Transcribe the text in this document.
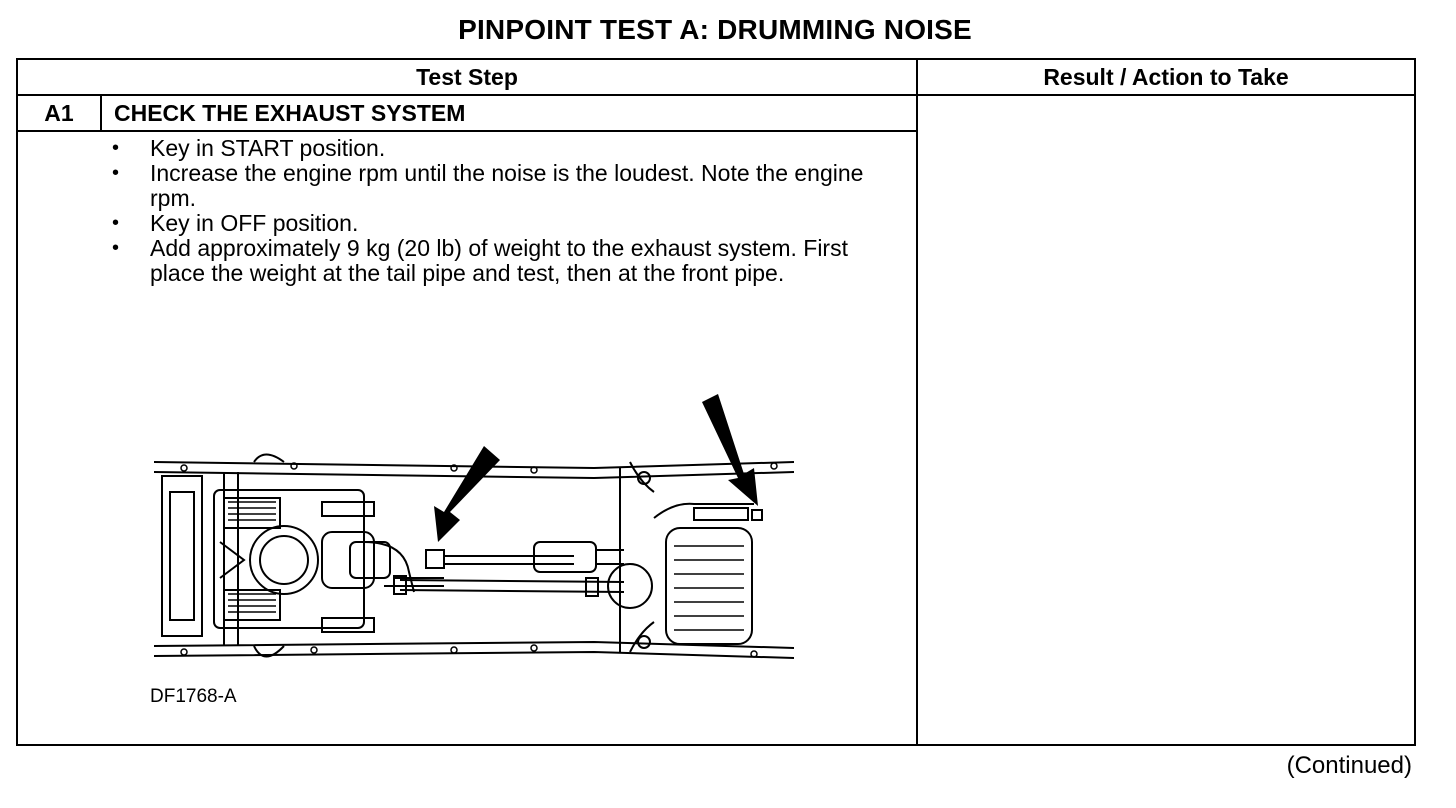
PINPOINT TEST A: DRUMMING NOISE
Test Step	Result / Action to Take
A1	CHECK THE EXHAUST SYSTEM
• Key in START position.
• Increase the engine rpm until the noise is the loudest. Note the engine rpm.
• Key in OFF position.
• Add approximately 9 kg (20 lb) of weight to the exhaust system. First place the weight at the tail pipe and test, then at the front pipe.
DF1768-A
(Continued)
